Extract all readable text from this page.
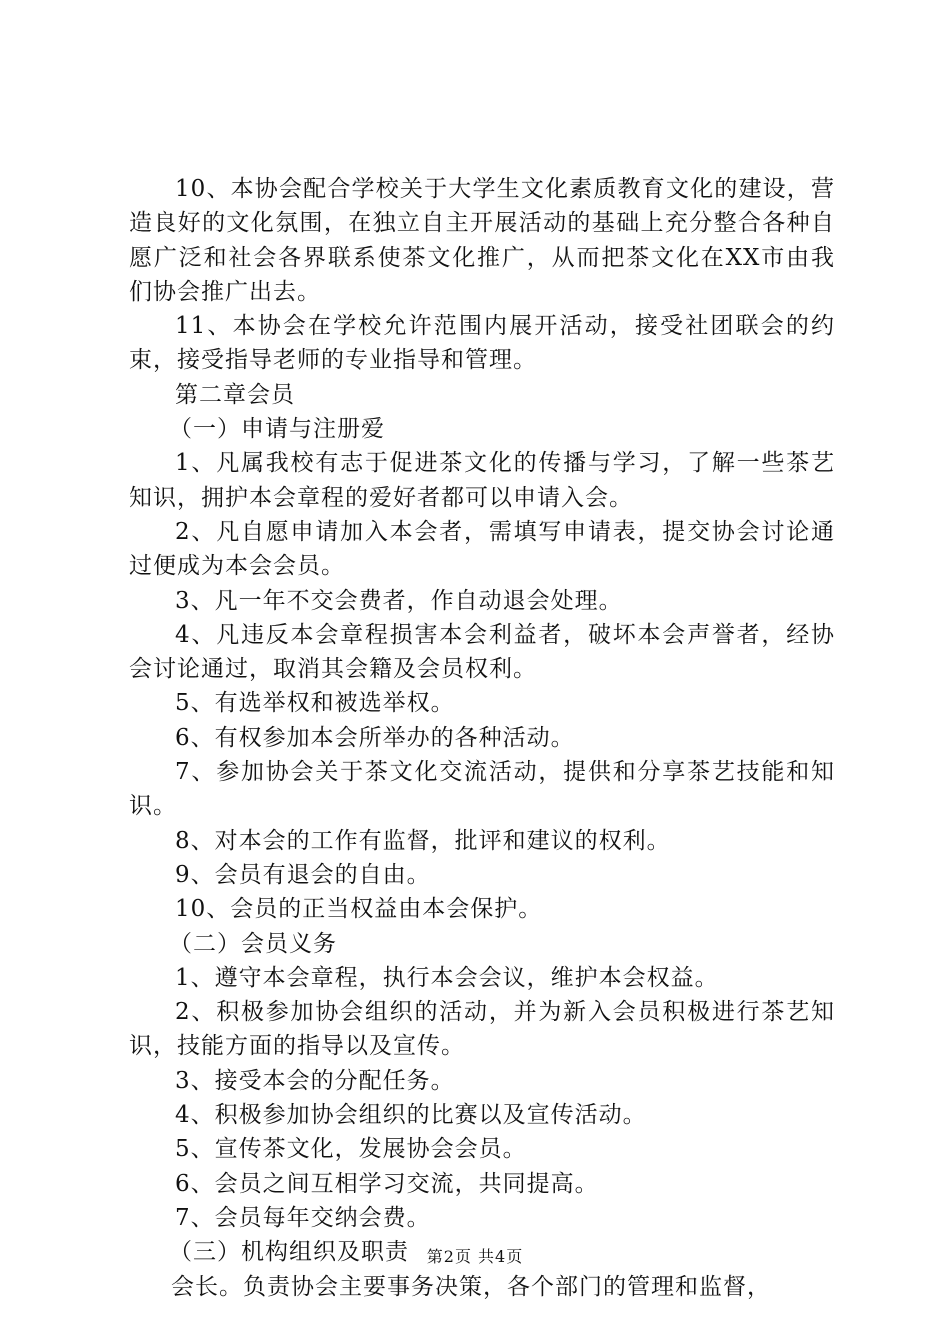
10、本协会配合学校关于大学生文化素质教育文化的建设，营造良好的文化氛围，在独立自主开展活动的基础上充分整合各种自愿广泛和社会各界联系使茶文化推广，从而把茶文化在XX市由我们协会推广出去。

11、本协会在学校允许范围内展开活动，接受社团联会的约束，接受指导老师的专业指导和管理。

第二章会员

（一）申请与注册爱

1、凡属我校有志于促进茶文化的传播与学习，了解一些茶艺知识，拥护本会章程的爱好者都可以申请入会。

2、凡自愿申请加入本会者，需填写申请表，提交协会讨论通过便成为本会会员。

3、凡一年不交会费者，作自动退会处理。

4、凡违反本会章程损害本会利益者，破坏本会声誉者，经协会讨论通过，取消其会籍及会员权利。

5、有选举权和被选举权。

6、有权参加本会所举办的各种活动。

7、参加协会关于茶文化交流活动，提供和分享茶艺技能和知识。

8、对本会的工作有监督，批评和建议的权利。

9、会员有退会的自由。

10、会员的正当权益由本会保护。

（二）会员义务

1、遵守本会章程，执行本会会议，维护本会权益。

2、积极参加协会组织的活动，并为新入会员积极进行茶艺知识，技能方面的指导以及宣传。

3、接受本会的分配任务。

4、积极参加协会组织的比赛以及宣传活动。

5、宣传茶文化，发展协会会员。

6、会员之间互相学习交流，共同提高。

7、会员每年交纳会费。

（三）机构组织及职责

会长。负责协会主要事务决策，各个部门的管理和监督，

第2页 共4页
